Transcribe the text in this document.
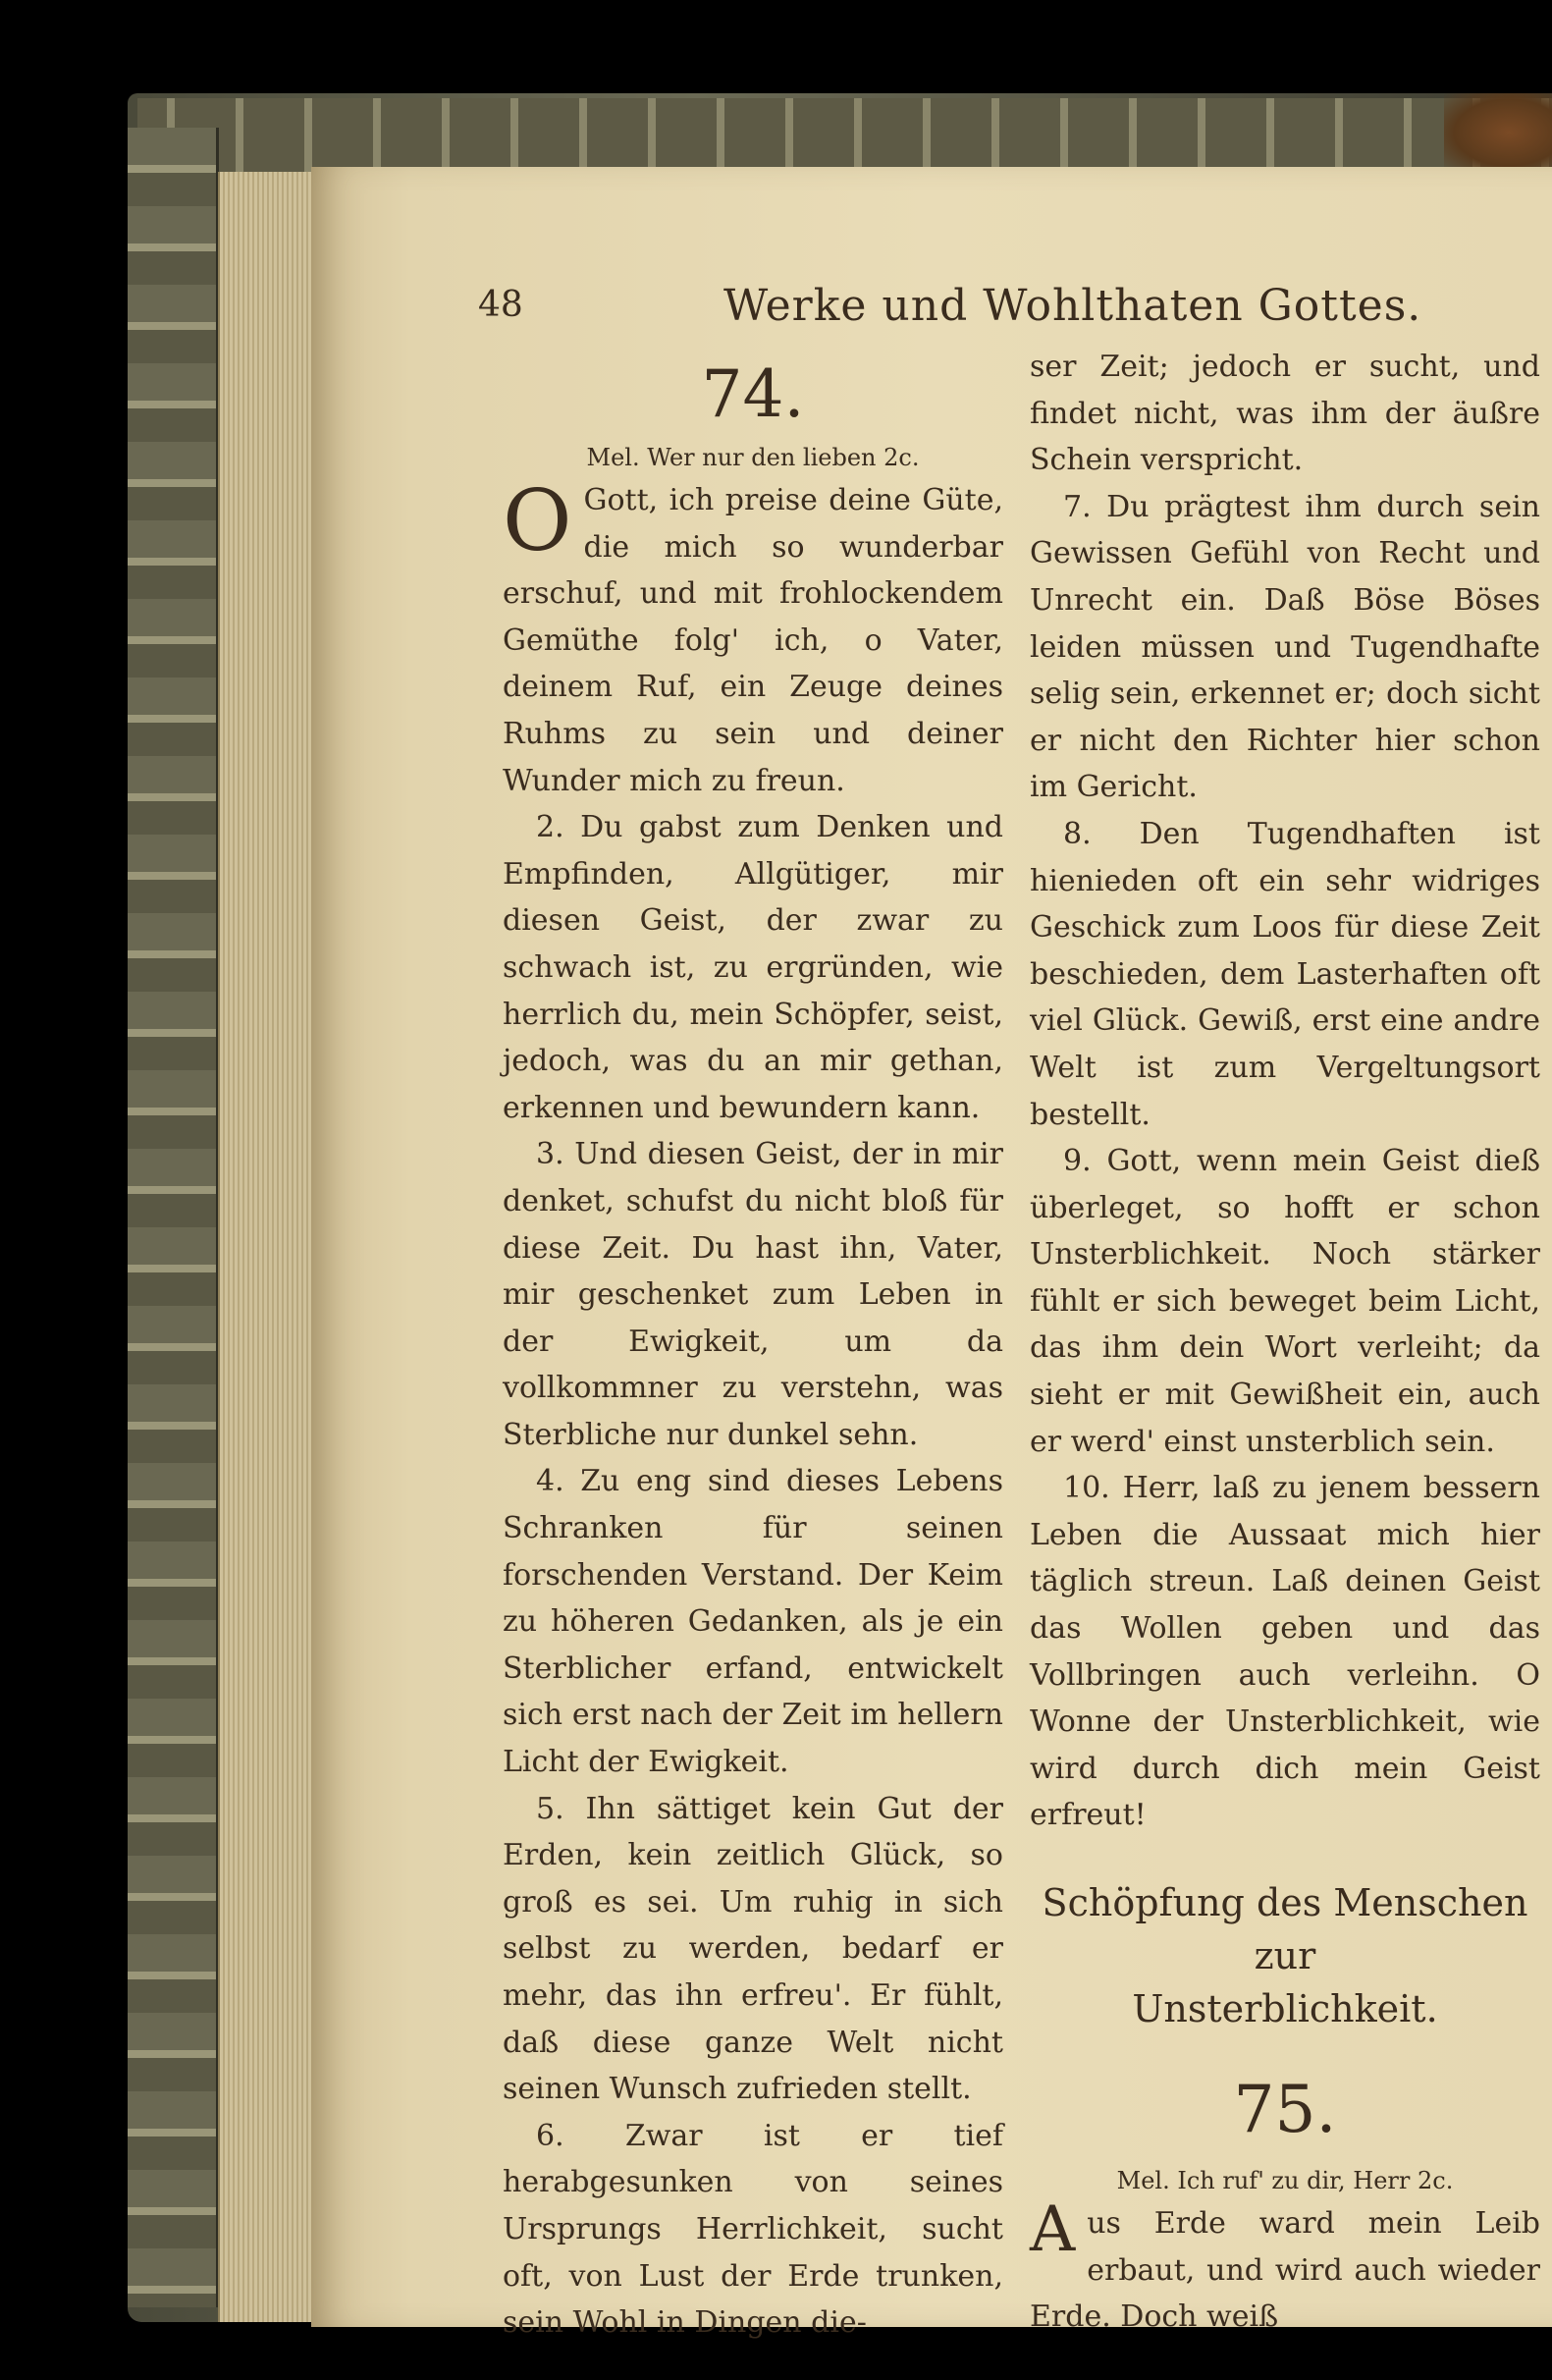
48	Werke und Wohlthaten Gottes.
74.
Mel. Wer nur den lieben 2c.

O Gott, ich preise deine Güte, die mich so wunderbar erschuf, und mit frohlockendem Gemüthe folg' ich, o Vater, deinem Ruf, ein Zeuge deines Ruhms zu sein und deiner Wunder mich zu freun.

2. Du gabst zum Denken und Empfinden, Allgütiger, mir diesen Geist, der zwar zu schwach ist, zu ergründen, wie herrlich du, mein Schöpfer, seist, jedoch, was du an mir gethan, erkennen und bewundern kann.

3. Und diesen Geist, der in mir denket, schufst du nicht bloß für diese Zeit. Du hast ihn, Vater, mir geschenket zum Leben in der Ewigkeit, um da vollkommner zu verstehn, was Sterbliche nur dunkel sehn.

4. Zu eng sind dieses Lebens Schranken für seinen forschenden Verstand. Der Keim zu höheren Gedanken, als je ein Sterblicher erfand, entwickelt sich erst nach der Zeit im hellern Licht der Ewigkeit.

5. Ihn sättiget kein Gut der Erden, kein zeitlich Glück, so groß es sei. Um ruhig in sich selbst zu werden, bedarf er mehr, das ihn erfreu'. Er fühlt, daß diese ganze Welt nicht seinen Wunsch zufrieden stellt.

6. Zwar ist er tief herabgesunken von seines Ursprungs Herrlichkeit, sucht oft, von Lust der Erde trunken, sein Wohl in Dingen die-

ser Zeit; jedoch er sucht, und findet nicht, was ihm der äußre Schein verspricht.

7. Du prägtest ihm durch sein Gewissen Gefühl von Recht und Unrecht ein. Daß Böse Böses leiden müssen und Tugendhafte selig sein, erkennet er; doch sicht er nicht den Richter hier schon im Gericht.

8. Den Tugendhaften ist hienieden oft ein sehr widriges Geschick zum Loos für diese Zeit beschieden, dem Lasterhaften oft viel Glück. Gewiß, erst eine andre Welt ist zum Vergeltungsort bestellt.

9. Gott, wenn mein Geist dieß überleget, so hofft er schon Unsterblichkeit. Noch stärker fühlt er sich beweget beim Licht, das ihm dein Wort verleiht; da sieht er mit Gewißheit ein, auch er werd' einst unsterblich sein.

10. Herr, laß zu jenem bessern Leben die Aussaat mich hier täglich streun. Laß deinen Geist das Wollen geben und das Vollbringen auch verleihn. O Wonne der Unsterblichkeit, wie wird durch dich mein Geist erfreut!

Schöpfung des Menschen zur
Unsterblichkeit.
75.
Mel. Ich ruf' zu dir, Herr 2c.

Aus Erde ward mein Leib erbaut, und wird auch wieder Erde. Doch weiß
